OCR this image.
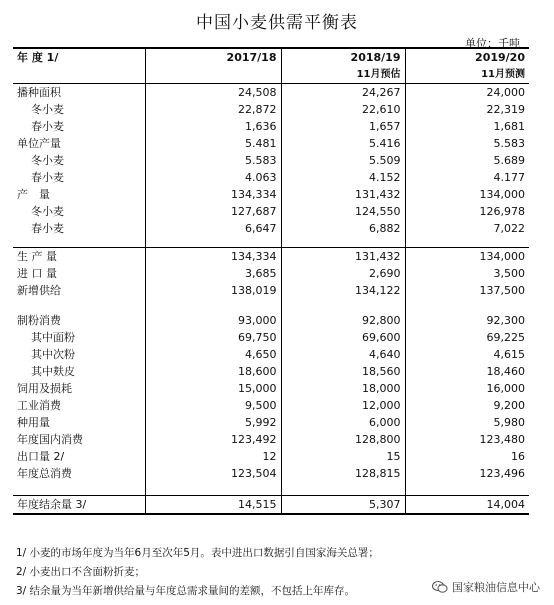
中国小麦供需平衡表
单位：千吨
年 度 1/	2017/18	2018/19	2019/20
		11月预估	11月预测
播种面积	24,508	24,267	24,000
冬小麦	22,872	22,610	22,319
春小麦	1,636	1,657	1,681
单位产量	5.481	5.416	5.583
冬小麦	5.583	5.509	5.689
春小麦	4.063	4.152	4.177
产　量	134,334	131,432	134,000
冬小麦	127,687	124,550	126,978
春小麦	6,647	6,882	7,022

生 产 量	134,334	131,432	134,000
进 口 量	3,685	2,690	3,500
新增供给	138,019	134,122	137,500

制粉消费	93,000	92,800	92,300
其中面粉	69,750	69,600	69,225
其中次粉	4,650	4,640	4,615
其中麸皮	18,600	18,560	18,460
饲用及损耗	15,000	18,000	16,000
工业消费	9,500	12,000	9,200
种用量	5,992	6,000	5,980
年度国内消费	123,492	128,800	123,480
出口量 2/	12	15	16
年度总消费	123,504	128,815	123,496

年度结余量 3/	14,515	5,307	14,004
1/ 小麦的市场年度为当年6月至次年5月。表中进出口数据引自国家海关总署；
2/ 小麦出口不含面粉折麦；
3/ 结余量为当年新增供给量与年度总需求量间的差额，不包括上年库存。	国家粮油信息中心
